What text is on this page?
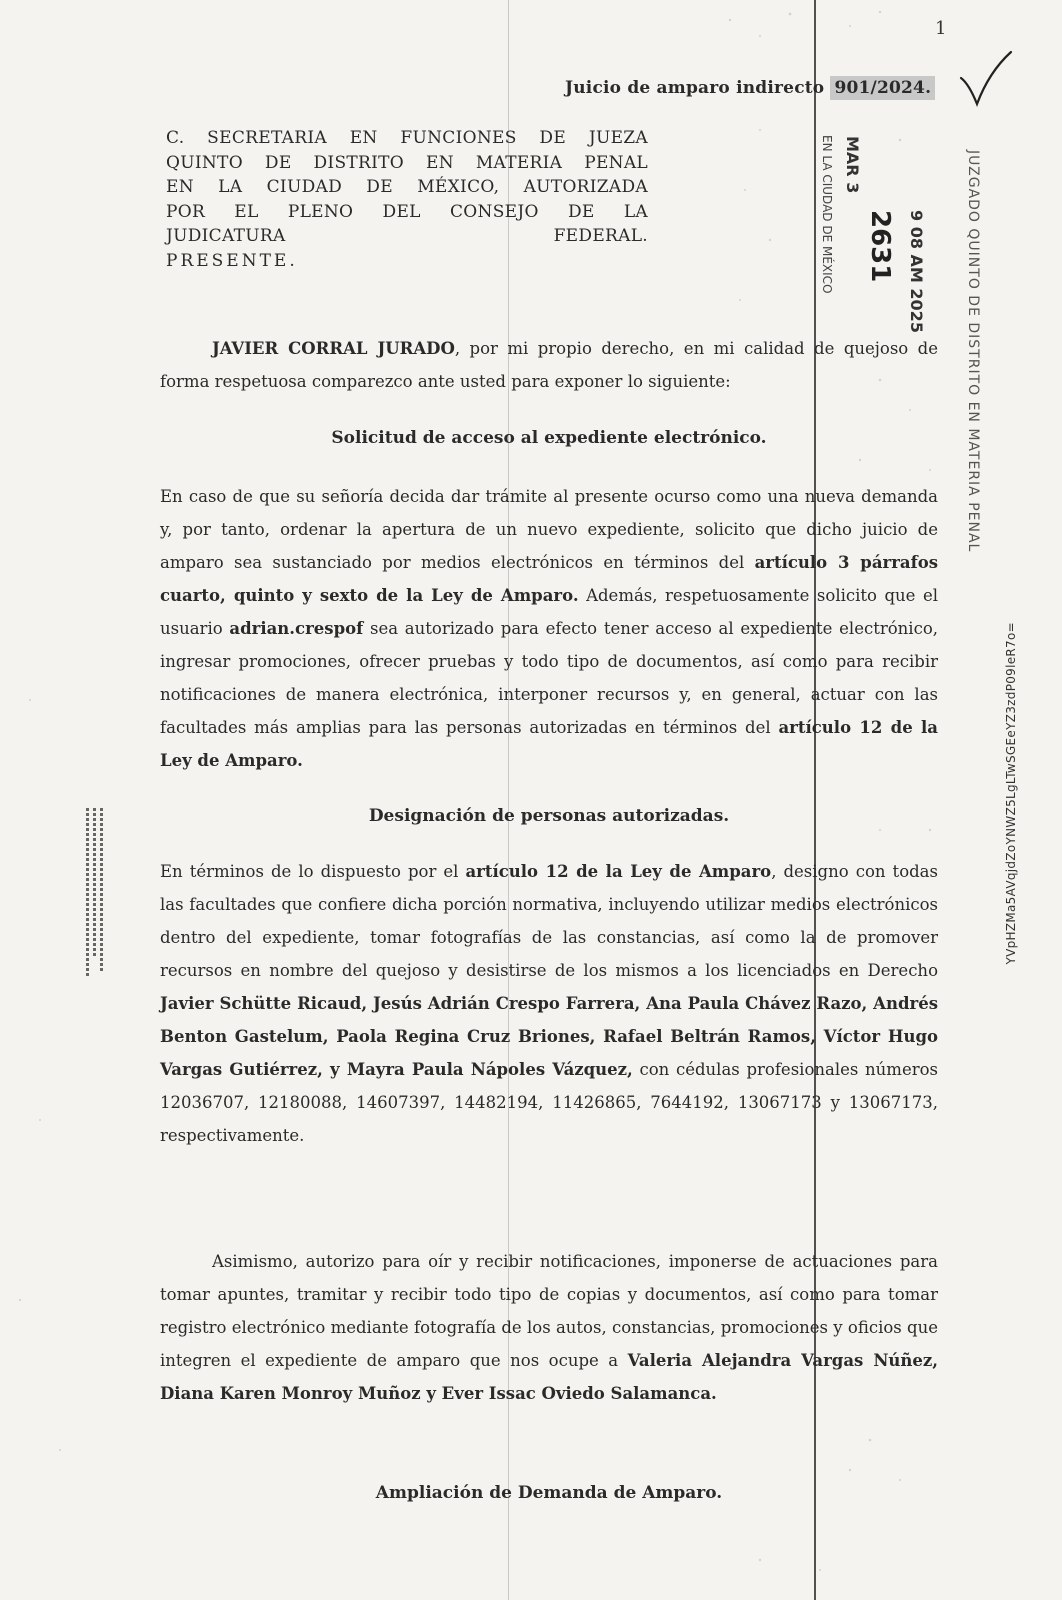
1
Juicio de amparo indirecto 901/2024.
C. SECRETARIA EN FUNCIONES DE JUEZA
QUINTO DE DISTRITO EN MATERIA PENAL
EN LA CIUDAD DE MÉXICO, AUTORIZADA
POR EL PLENO DEL CONSEJO DE LA
JUDICATURA FEDERAL.
PRESENTE.	JUZGADO QUINTO DE DISTRITO EN MATERIA PENAL
EN LA CIUDAD DE MÉXICO MAR 3
2631 9 08 AM 2025
JAVIER CORRAL JURADO, por mi propio derecho, en mi calidad de quejoso de forma respetuosa comparezco ante usted para exponer lo siguiente:
Solicitud de acceso al expediente electrónico.
En caso de que su señoría decida dar trámite al presente ocurso como una nueva demanda y, por tanto, ordenar la apertura de un nuevo expediente, solicito que dicho juicio de amparo sea sustanciado por medios electrónicos en términos del artículo 3 párrafos cuarto, quinto y sexto de la Ley de Amparo. Además, respetuosamente solicito que el usuario adrian.crespof sea autorizado para efecto tener acceso al expediente electrónico, ingresar promociones, ofrecer pruebas y todo tipo de documentos, así como para recibir notificaciones de manera electrónica, interponer recursos y, en general, actuar con las facultades más amplias para las personas autorizadas en términos del artículo 12 de la Ley de Amparo.
Designación de personas autorizadas.
En términos de lo dispuesto por el artículo 12 de la Ley de Amparo, designo con todas las facultades que confiere dicha porción normativa, incluyendo utilizar medios electrónicos dentro del expediente, tomar fotografías de las constancias, así como la de promover recursos en nombre del quejoso y desistirse de los mismos a los licenciados en Derecho Javier Schütte Ricaud, Jesús Adrián Crespo Farrera, Ana Paula Chávez Razo, Andrés Benton Gastelum, Paola Regina Cruz Briones, Rafael Beltrán Ramos, Víctor Hugo Vargas Gutiérrez, y Mayra Paula Nápoles Vázquez, con cédulas profesionales números 12036707, 12180088, 14607397, 14482194, 11426865, 7644192, 13067173 y 13067173, respectivamente.
Asimismo, autorizo para oír y recibir notificaciones, imponerse de actuaciones para tomar apuntes, tramitar y recibir todo tipo de copias y documentos, así como para tomar registro electrónico mediante fotografía de los autos, constancias, promociones y oficios que integren el expediente de amparo que nos ocupe a Valeria Alejandra Vargas Núñez, Diana Karen Monroy Muñoz y Ever Issac Oviedo Salamanca.
Ampliación de Demanda de Amparo.
YVpHZMa5AVqjdZoYNWZ5LgLTwSGEeYZ3zdP09leR7o=
